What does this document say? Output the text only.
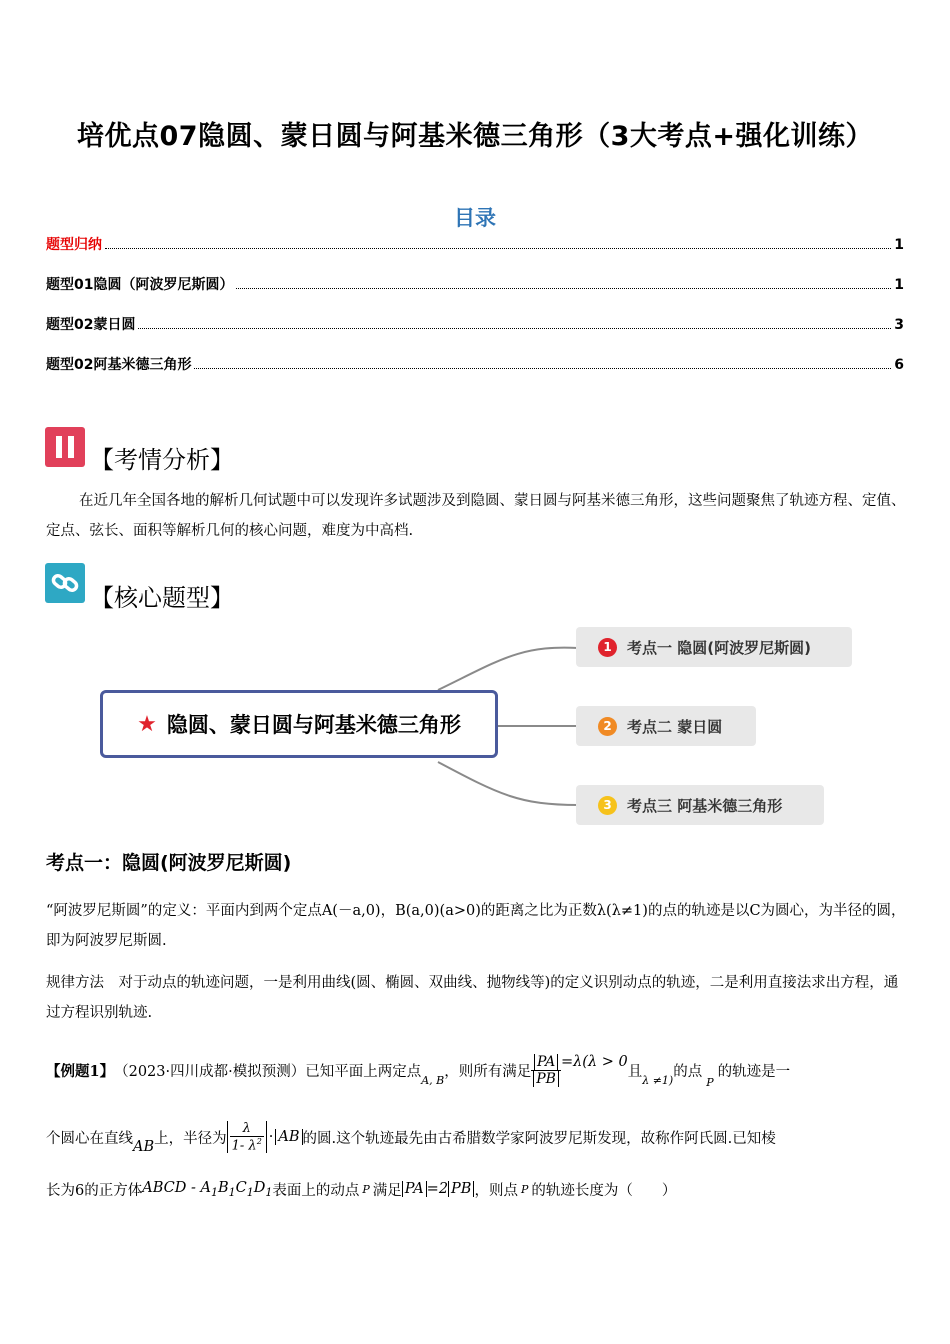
培优点07隐圆、蒙日圆与阿基米德三角形（3大考点+强化训练）
目录
题型归纳	1
题型01隐圆（阿波罗尼斯圆）	1
题型02蒙日圆	3
题型02阿基米德三角形	6
【考情分析】
在近几年全国各地的解析几何试题中可以发现许多试题涉及到隐圆、蒙日圆与阿基米德三角形，这些问题聚焦了轨迹方程、定值、定点、弦长、面积等解析几何的核心问题，难度为中高档.
【核心题型】
★ 隐圆、蒙日圆与阿基米德三角形
1	考点一 隐圆(阿波罗尼斯圆)
2	考点二 蒙日圆
3	考点三 阿基米德三角形
考点一：隐圆(阿波罗尼斯圆)
“阿波罗尼斯圆”的定义：平面内到两个定点A(－a,0)，B(a,0)(a>0)的距离之比为正数λ(λ≠1)的点的轨迹是以C为圆心，为半径的圆，即为阿波罗尼斯圆.
规律方法　对于动点的轨迹问题，一是利用曲线(圆、椭圆、双曲线、抛物线等)的定义识别动点的轨迹，二是利用直接法求出方程，通过方程识别轨迹.
【例题1】 （2023·四川成都·模拟预测） 已知平面上两定点
A, B
，则所有满足 $\frac{PA}{PB} =\lambda(\lambda > 0$
且
λ ≠1)
的点
P
的轨迹是一
个圆心在直线
AB
上，半径为 $\frac{\lambda}{1- \lambda^2}$ · AB 的圆.这个轨迹最先由古希腊数学家阿波罗尼斯发现，故称作阿氏圆.已知棱
长为6的正方体 ABCD - $A_1B_1C_1D_1$ 表面上的动点 P 满足 PA =2 PB ，则点 P 的轨迹长度为（　　）
